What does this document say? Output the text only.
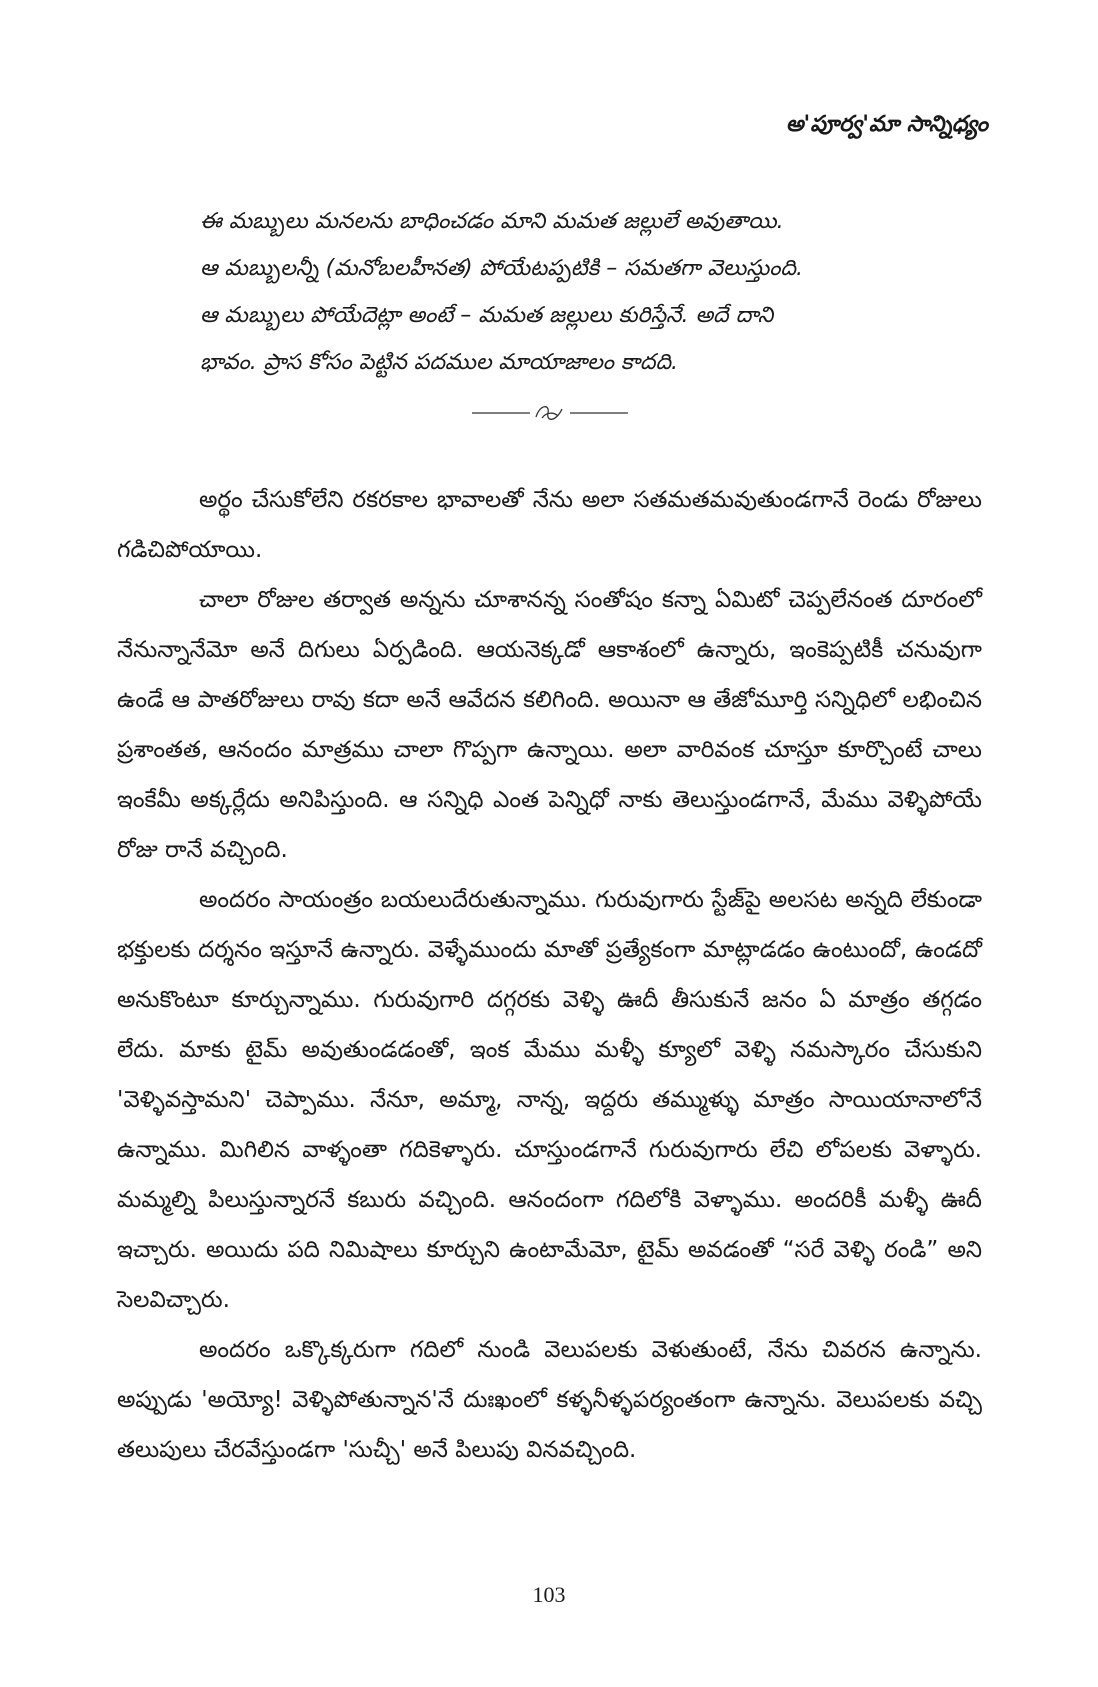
అ'పూర్వ'మా సాన్నిధ్యం
ఈ మబ్బులు మనలను బాధించడం మాని మమత జల్లులే అవుతాయి.
ఆ మబ్బులన్నీ (మనోబలహీనత) పోయేటప్పటికి – సమతగా వెలుస్తుంది.
ఆ మబ్బులు పోయేదెట్లా అంటే – మమత జల్లులు కురిస్తేనే. అదే దాని
భావం. ప్రాస కోసం పెట్టిన పదముల మాయాజాలం కాదది.

అర్థం చేసుకోలేని రకరకాల భావాలతో నేను అలా సతమతమవుతుండగానే రెండు రోజులు గడిచిపోయాయి.

చాలా రోజుల తర్వాత అన్నను చూశానన్న సంతోషం కన్నా ఏమిటో చెప్పలేనంత దూరంలో నేనున్నానేమో అనే దిగులు ఏర్పడింది. ఆయనెక్కడో ఆకాశంలో ఉన్నారు, ఇంకెప్పటికీ చనువుగా ఉండే ఆ పాతరోజులు రావు కదా అనే ఆవేదన కలిగింది. అయినా ఆ తేజోమూర్తి సన్నిధిలో లభించిన ప్రశాంతత, ఆనందం మాత్రము చాలా గొప్పగా ఉన్నాయి. అలా వారివంక చూస్తూ కూర్చొంటే చాలు ఇంకేమీ అక్కర్లేదు అనిపిస్తుంది. ఆ సన్నిధి ఎంత పెన్నిధో నాకు తెలుస్తుండగానే, మేము వెళ్ళిపోయే రోజు రానే వచ్చింది.

అందరం సాయంత్రం బయలుదేరుతున్నాము. గురువుగారు స్టేజ్‌పై అలసట అన్నది లేకుండా భక్తులకు దర్శనం ఇస్తూనే ఉన్నారు. వెళ్ళేముందు మాతో ప్రత్యేకంగా మాట్లాడడం ఉంటుందో, ఉండదో అనుకొంటూ కూర్చున్నాము. గురువుగారి దగ్గరకు వెళ్ళి ఊదీ తీసుకునే జనం ఏ మాత్రం తగ్గడం లేదు. మాకు టైమ్ అవుతుండడంతో, ఇంక మేము మళ్ళీ క్యూలో వెళ్ళి నమస్కారం చేసుకుని 'వెళ్ళివస్తామని' చెప్పాము. నేనూ, అమ్మా, నాన్న, ఇద్దరు తమ్ముళ్ళు మాత్రం సాయియానాలోనే ఉన్నాము. మిగిలిన వాళ్ళంతా గదికెళ్ళారు. చూస్తుండగానే గురువుగారు లేచి లోపలకు వెళ్ళారు. మమ్మల్ని పిలుస్తున్నారనే కబురు వచ్చింది. ఆనందంగా గదిలోకి వెళ్ళాము. అందరికీ మళ్ళీ ఊదీ ఇచ్చారు. అయిదు పది నిమిషాలు కూర్చుని ఉంటామేమో, టైమ్ అవడంతో “సరే వెళ్ళి రండి” అని సెలవిచ్చారు.

అందరం ఒక్కొక్కరుగా గదిలో నుండి వెలుపలకు వెళుతుంటే, నేను చివరన ఉన్నాను. అప్పుడు 'అయ్యో! వెళ్ళిపోతున్నాన'నే దుఃఖంలో కళ్ళనీళ్ళపర్యంతంగా ఉన్నాను. వెలుపలకు వచ్చి తలుపులు చేరవేస్తుండగా 'సుచ్చీ' అనే పిలుపు వినవచ్చింది.

103
